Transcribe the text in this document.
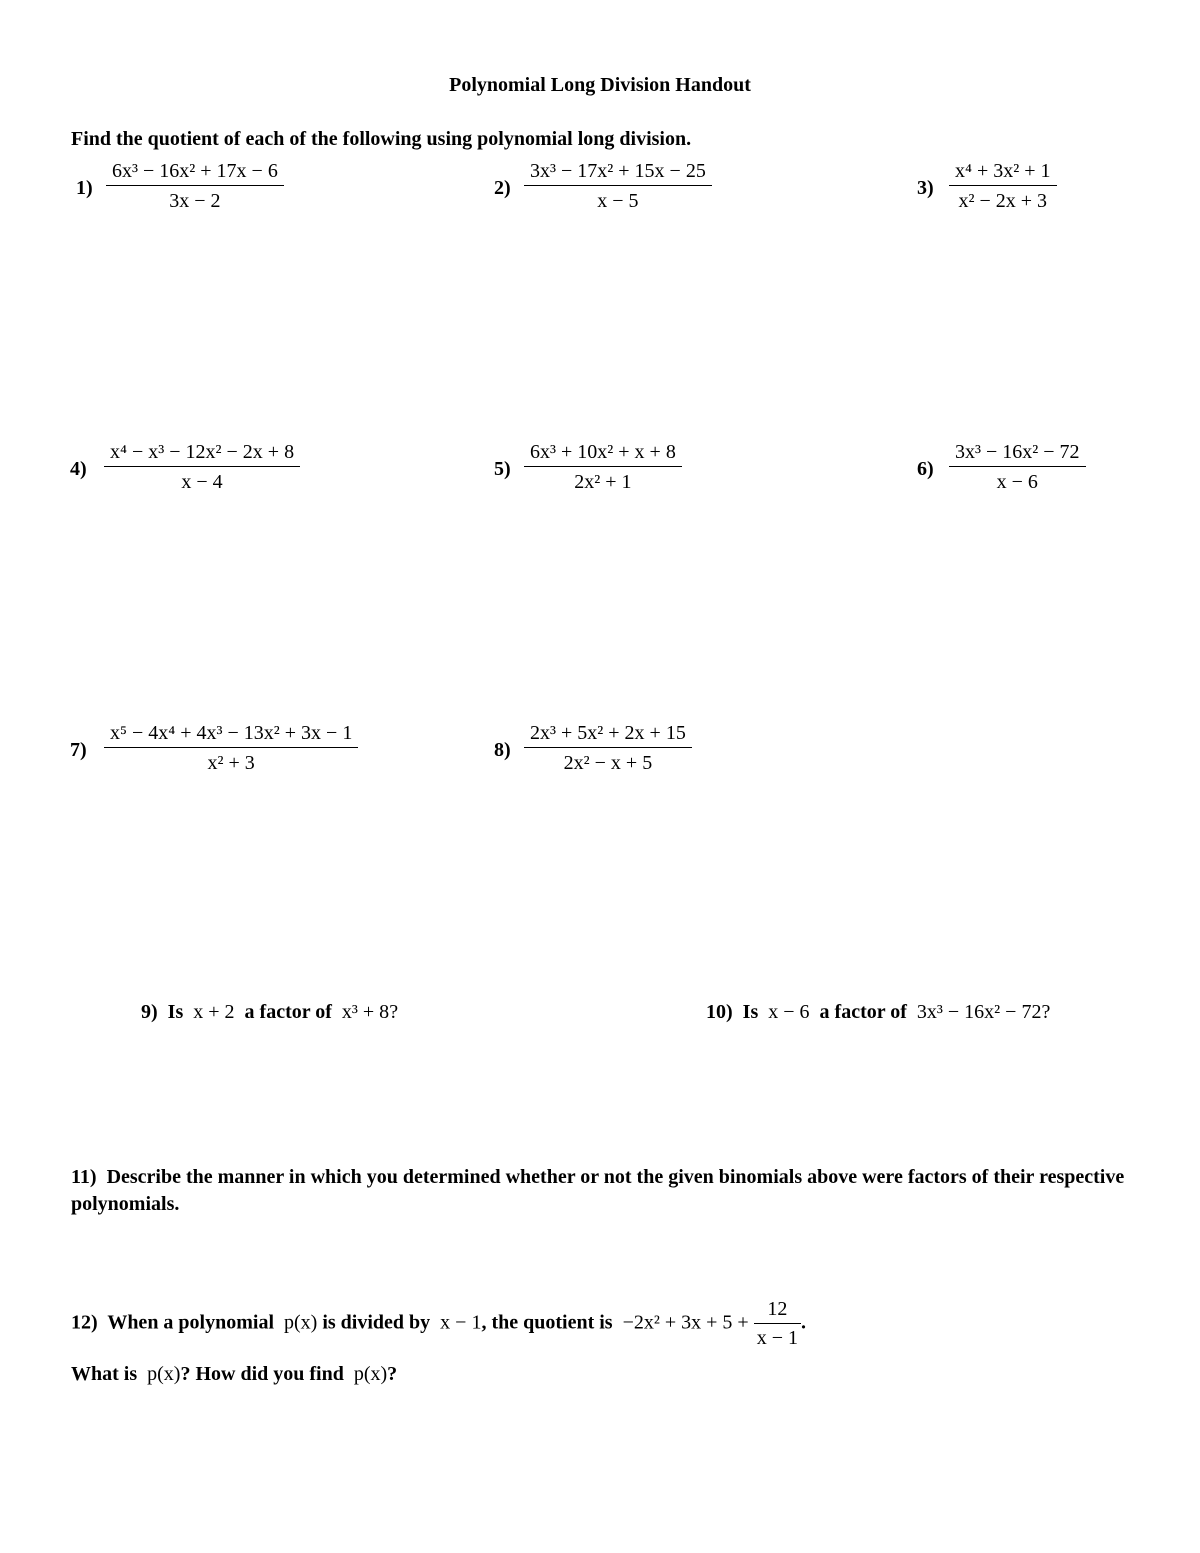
Polynomial Long Division Handout
Find the quotient of each of the following using polynomial long division.
$1) \frac{\text{6x³ − 16x² + 17x − 6}}{3x - 2}$	$2) \frac{\text{3x³ − 17x² + 15x − 25}}{x - 5}$	$3) \frac{\text{x⁴ + 3x² + 1}}{\text{x² − 2x + 3}}$
$4) \frac{\text{x⁴ − x³ − 12x² − 2x + 8}}{x - 4}$	$5) \frac{\text{6x³ + 10x² + x + 8}}{\text{2x² + 1}}$	$6) \frac{\text{3x³ − 16x² − 72}}{x - 6}$
$7) \frac{\text{x⁵ − 4x⁴ + 4x³ − 13x² + 3x − 1}}{\text{x² + 3}}$	$8) \frac{\text{2x³ + 5x² + 2x + 15}}{\text{2x² − x + 5}}$
9) Is x + 2 a factor of x³ + 8?	10) Is x − 6 a factor of 3x³ − 16x² − 72?
11) Describe the manner in which you determined whether or not the given binomials above were factors of their respective polynomials.
12) When a polynomial p(x) is divided by x − 1, the quotient is $-2x^2 + 3x + 5 + \frac{12}{x - 1}$ .
What is p(x)? How did you find p(x)?
